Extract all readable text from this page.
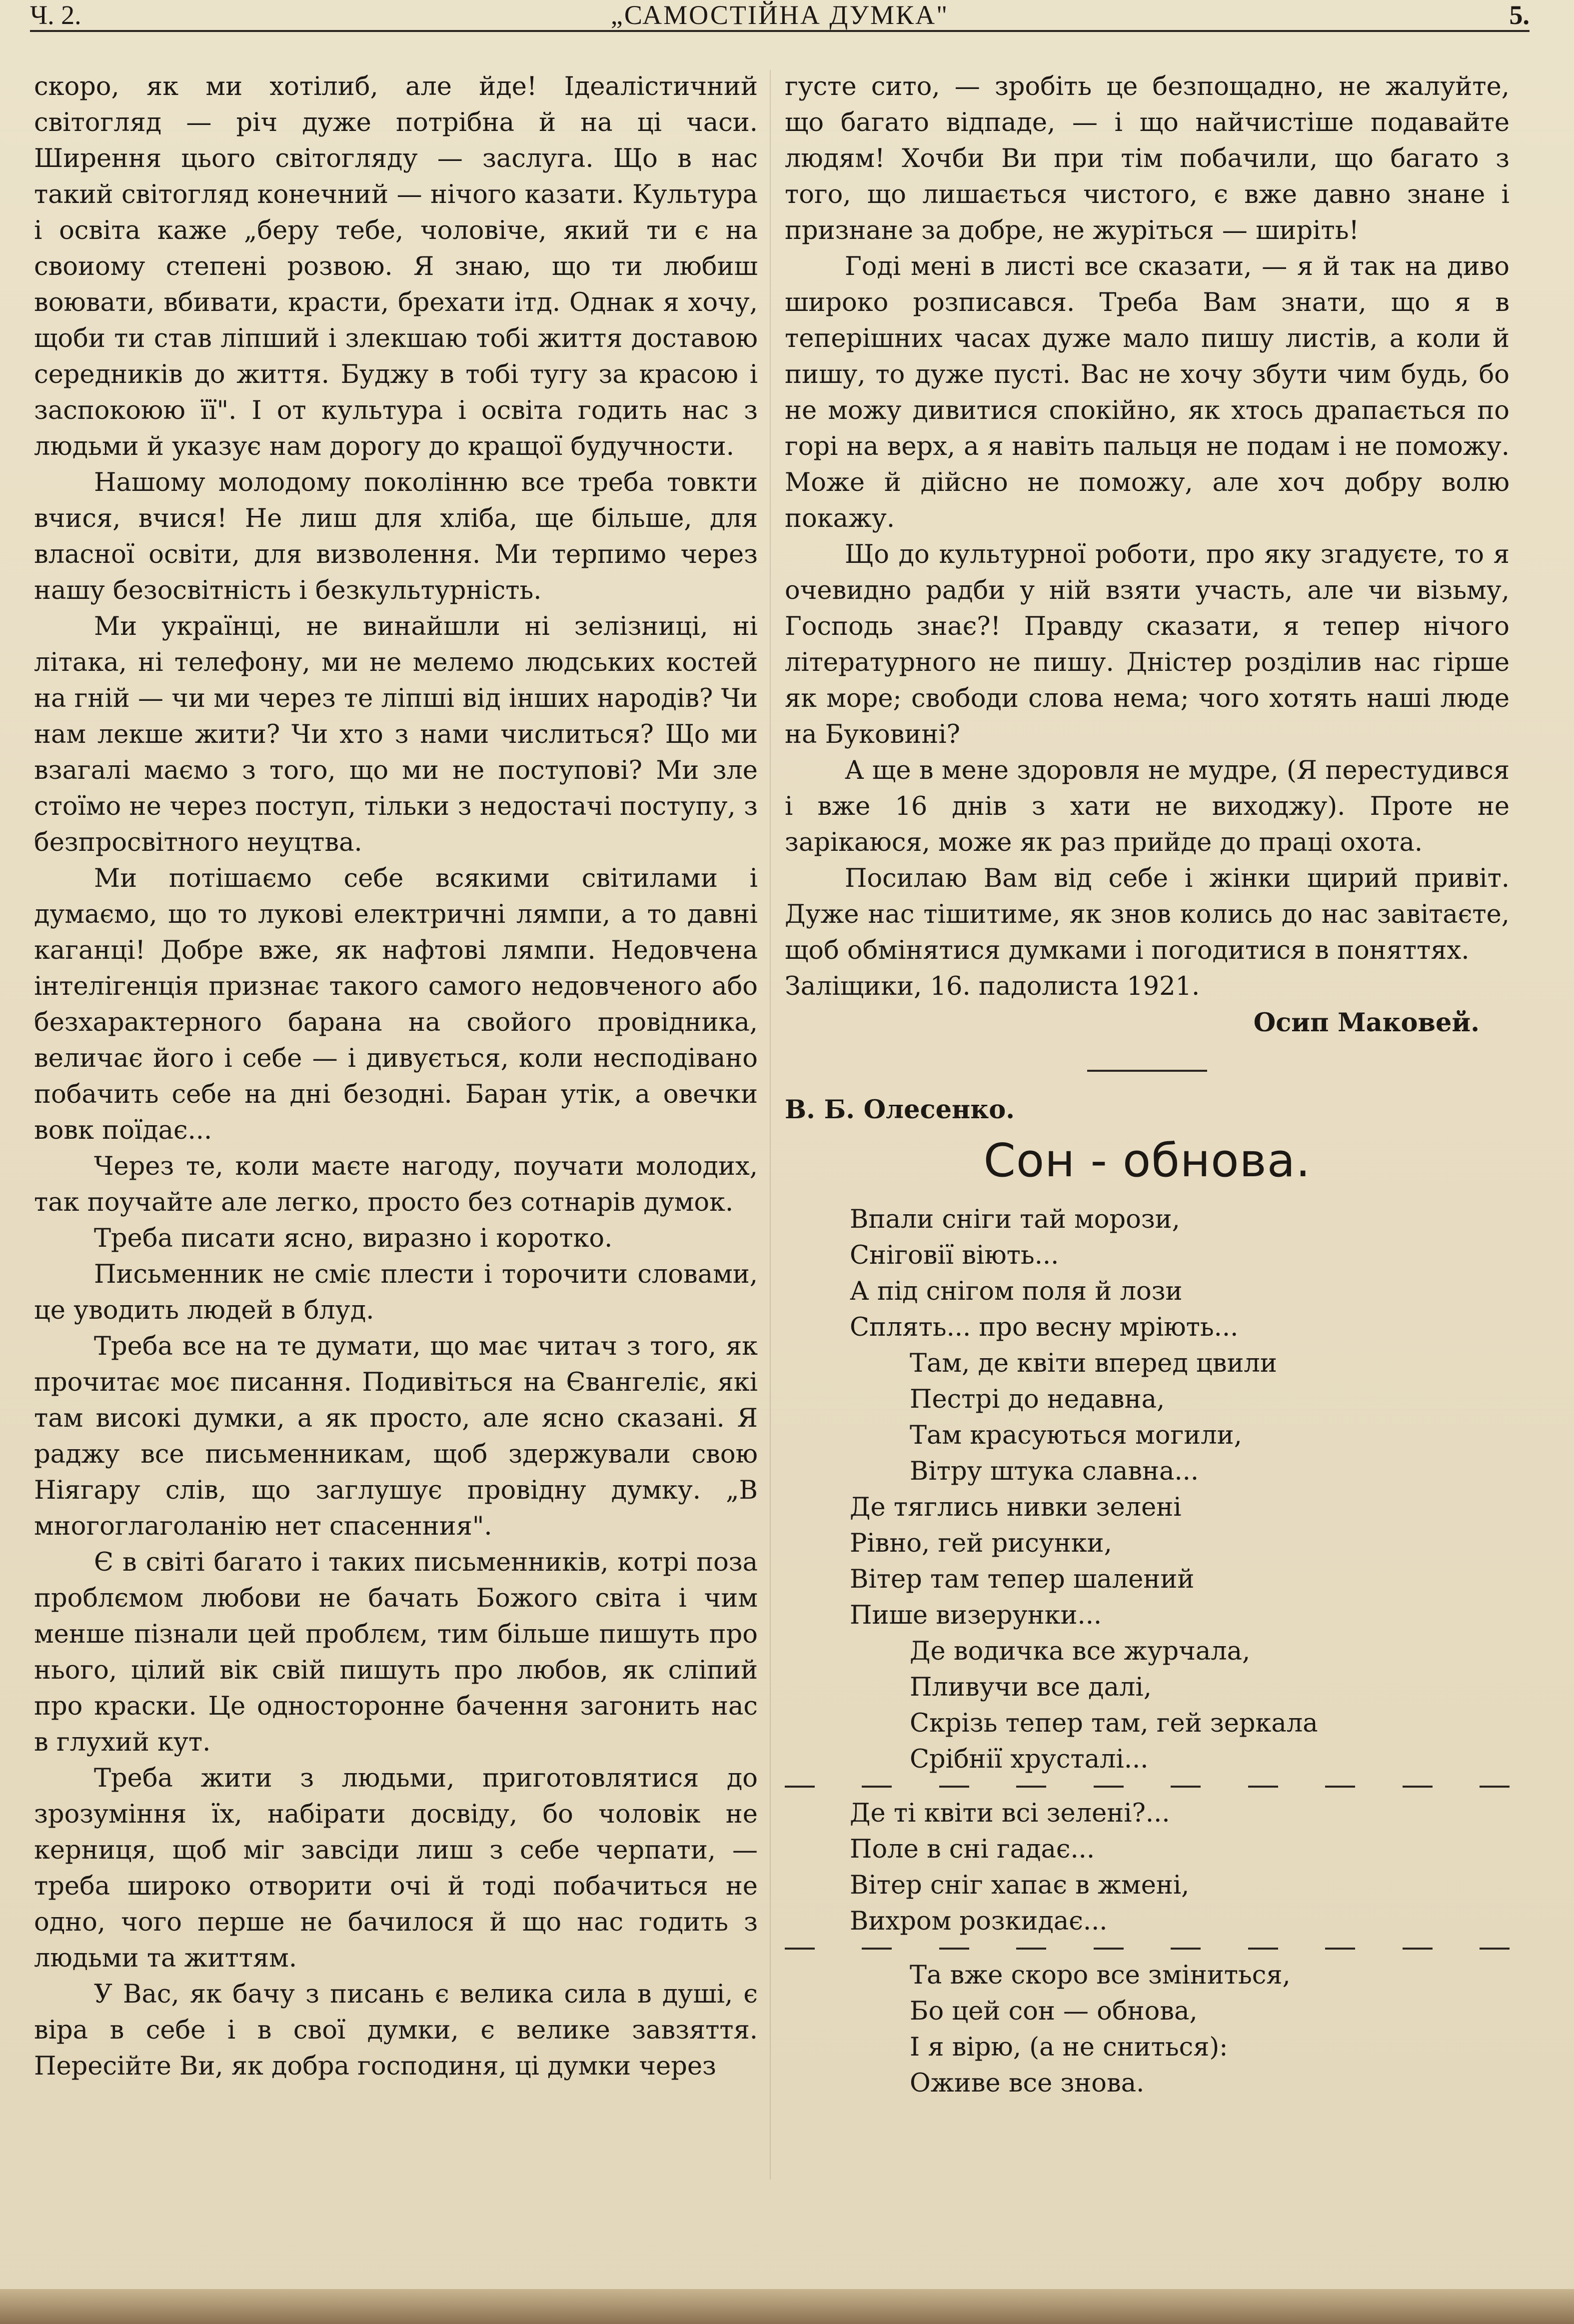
Ч. 2.	„САМОСТІЙНА ДУМКА"	5.

скоро, як ми хотілиб, але йде! Ідеалістичний світогляд — річ дуже потрібна й на ці часи. Ширення цього світогляду — заслуга. Що в нас такий світогляд конечний — нічого казати. Культура і освіта каже „беру тебе, чоловіче, який ти є на своиому степені розвою. Я знаю, що ти любиш воювати, вбивати, красти, брехати ітд. Однак я хочу, щоби ти став ліпший і злекшаю тобі життя доставою середників до життя. Буджу в тобі тугу за красою і заспокоюю її". І от культура і освіта годить нас з людьми й указує нам дорогу до кращої будучности.

Нашому молодому поколінню все треба товкти вчися, вчися! Не лиш для хліба, ще більше, для власної освіти, для визволення. Ми терпимо через нашу безосвітність і безкультурність.

Ми українці, не винайшли ні зелізниці, ні літака, ні телефону, ми не мелемо людських костей на гній — чи ми через те ліпші від інших народів? Чи нам лекше жити? Чи хто з нами числиться? Що ми взагалі маємо з того, що ми не поступові? Ми зле стоїмо не через поступ, тільки з недостачі поступу, з безпросвітного неуцтва.

Ми потішаємо себе всякими світилами і думаємо, що то лукові електричні лямпи, а то давні каганці! Добре вже, як нафтові лямпи. Недовчена інтелігенція признає такого самого недовченого або безхарактерного барана на свойого провідника, величає його і себе — і дивується, коли несподівано побачить себе на дні безодні. Баран утік, а овечки вовк поїдає...

Через те, коли маєте нагоду, поучати молодих, так поучайте але легко, просто без сотнарів думок.

Треба писати ясно, виразно і коротко.

Письменник не сміє плести і торочити словами, це уводить людей в блуд.

Треба все на те думати, що має читач з того, як прочитає моє писання. Подивіться на Євангеліє, які там високі думки, а як просто, але ясно сказані. Я раджу все письменникам, щоб здержували свою Ніягару слів, що заглушує провідну думку. „В многоглаголанію нет спасенния".

Є в світі багато і таких письменників, котрі поза проблємом любови не бачать Божого світа і чим менше пізнали цей проблєм, тим більше пишуть про нього, цілий вік свій пишуть про любов, як сліпий про краски. Це односторонне бачення загонить нас в глухий кут.

Треба жити з людьми, приготовлятися до зрозуміння їх, набірати досвіду, бо чоловік не керниця, щоб міг завсіди лиш з себе черпати, — треба широко отворити очі й тоді побачиться не одно, чого перше не бачилося й що нас годить з людьми та життям.

У Вас, як бачу з писань є велика сила в душі, є віра в себе і в свої думки, є велике завзяття. Пересійте Ви, як добра господиня, ці думки через

густе сито, — зробіть це безпощадно, не жалуйте, що багато відпаде, — і що найчистіше подавайте людям! Хочби Ви при тім побачили, що багато з того, що лишається чистого, є вже давно знане і признане за добре, не журіться — ширіть!

Годі мені в листі все сказати, — я й так на диво широко розписався. Треба Вам знати, що я в теперішних часах дуже мало пишу листів, а коли й пишу, то дуже пусті. Вас не хочу збути чим будь, бо не можу дивитися спокійно, як хтось драпається по горі на верх, а я навіть пальця не подам і не поможу. Може й дійсно не поможу, але хоч добру волю покажу.

Що до культурної роботи, про яку згадуєте, то я очевидно радби у ній взяти участь, але чи візьму, Господь знає?! Правду сказати, я тепер нічого літературного не пишу. Дністер розділив нас гірше як море; свободи слова нема; чого хотять наші люде на Буковині?

А ще в мене здоровля не мудре, (Я перестудився і вже 16 днів з хати не виходжу). Проте не зарікаюся, може як раз прийде до праці охота.

Посилаю Вам від себе і жінки щирий привіт. Дуже нас тішитиме, як знов колись до нас завітаєте, щоб обмінятися думками і погодитися в поняттях.

Заліщики, 16. падолиста 1921.

Осип Маковей.

В. Б. Олесенко.

Сон - обнова.
Впали сніги тай морози,
Сніговії віють...
А під снігом поля й лози
Сплять... про весну мріють...
Там, де квіти вперед цвили
Пестрі до недавна,
Там красуються могили,
Вітру штука славна...
Де тяглись нивки зелені
Рівно, гей рисунки,
Вітер там тепер шалений
Пише визерунки...
Де водичка все журчала,
Пливучи все далі,
Скрізь тепер там, гей зеркала
Срібнії хрусталі...
Де ті квіти всі зелені?...
Поле в сні гадає...
Вітер сніг хапає в жмені,
Вихром розкидає...
Та вже скоро все зміниться,
Бо цей сон — обнова,
І я вірю, (а не сниться):
Оживе все знова.
